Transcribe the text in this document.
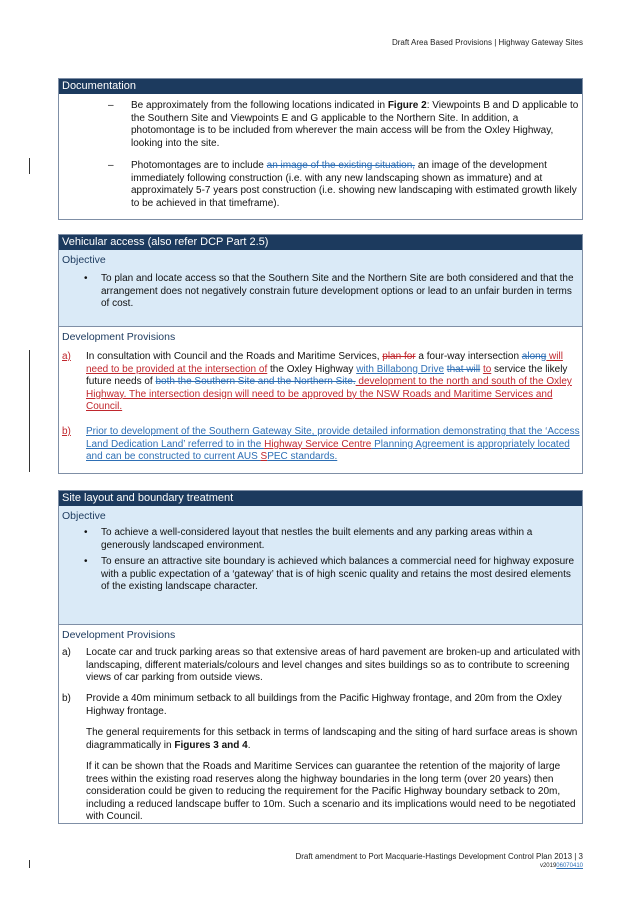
Draft Area Based Provisions | Highway Gateway Sites
Documentation
– Be approximately from the following locations indicated in Figure 2: Viewpoints B and D applicable to the Southern Site and Viewpoints E and G applicable to the Northern Site. In addition, a photomontage is to be included from wherever the main access will be from the Oxley Highway, looking into the site.
– Photomontages are to include an image of the existing situation, an image of the development immediately following construction (i.e. with any new landscaping shown as immature) and at approximately 5-7 years post construction (i.e. showing new landscaping with estimated growth likely to be achieved in that timeframe).
Vehicular access (also refer DCP Part 2.5)
Objective
• To plan and locate access so that the Southern Site and the Northern Site are both considered and that the arrangement does not negatively constrain future development options or lead to an unfair burden in terms of cost.
Development Provisions
a) In consultation with Council and the Roads and Maritime Services, plan for a four-way intersection along will need to be provided at the intersection of the Oxley Highway with Billabong Drive that will to service the likely future needs of both the Southern Site and the Northern Site. development to the north and south of the Oxley Highway. The intersection design will need to be approved by the NSW Roads and Maritime Services and Council.
b) Prior to development of the Southern Gateway Site, provide detailed information demonstrating that the ‘Access Land Dedication Land’ referred to in the Highway Service Centre Planning Agreement is appropriately located and can be constructed to current AUS SPEC standards.
Site layout and boundary treatment
Objective
• To achieve a well-considered layout that nestles the built elements and any parking areas within a generously landscaped environment.
• To ensure an attractive site boundary is achieved which balances a commercial need for highway exposure with a public expectation of a ‘gateway’ that is of high scenic quality and retains the most desired elements of the existing landscape character.
Development Provisions
a) Locate car and truck parking areas so that extensive areas of hard pavement are broken-up and articulated with landscaping, different materials/colours and level changes and sites buildings so as to contribute to screening views of car parking from outside views.
b) Provide a 40m minimum setback to all buildings from the Pacific Highway frontage, and 20m from the Oxley Highway frontage.
The general requirements for this setback in terms of landscaping and the siting of hard surface areas is shown diagrammatically in Figures 3 and 4.
If it can be shown that the Roads and Maritime Services can guarantee the retention of the majority of large trees within the existing road reserves along the highway boundaries in the long term (over 20 years) then consideration could be given to reducing the requirement for the Pacific Highway boundary setback to 20m, including a reduced landscape buffer to 10m. Such a scenario and its implications would need to be negotiated with Council.
Draft amendment to Port Macquarie-Hastings Development Control Plan 2013 | 3
v201906070410
